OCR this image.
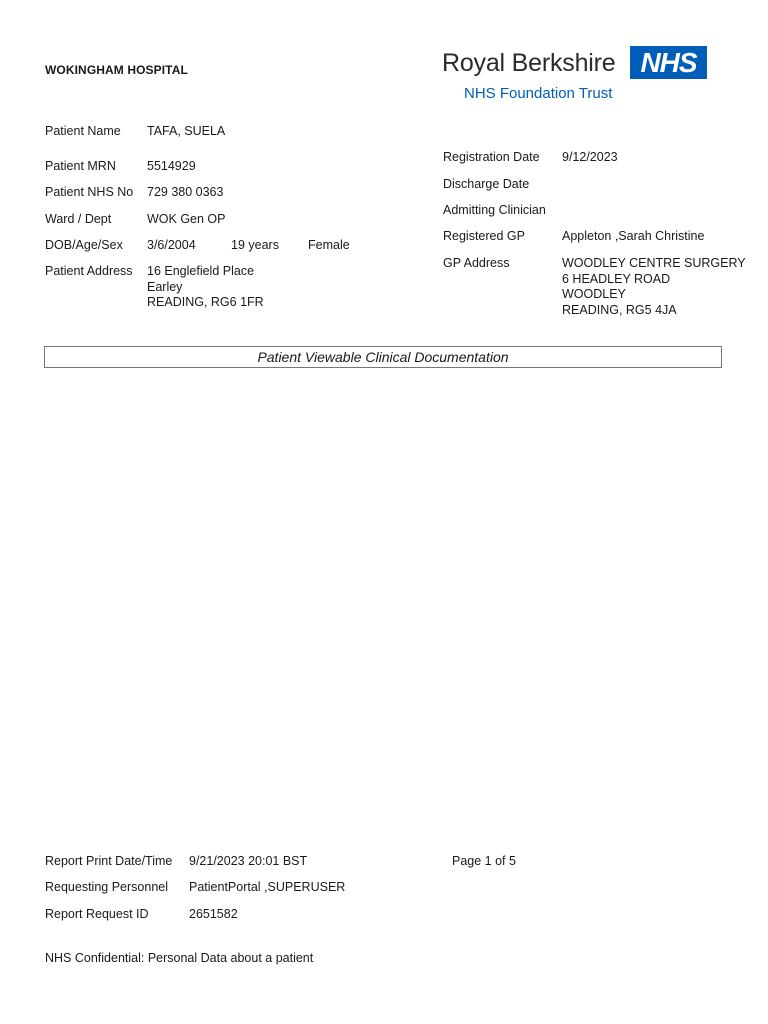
WOKINGHAM HOSPITAL	Royal Berkshire NHS
NHS Foundation Trust
Patient Name TAFA, SUELA
Patient MRN 5514929
Patient NHS No 729 380 0363
Ward / Dept	WOK Gen OP
DOB/Age/Sex 3/6/2004	19 years Female
Patient Address 16 Englefield Place
Earley
READING, RG6 1FR
Registration Date 9/12/2023
Discharge Date
Admitting Clinician
Registered GP	Appleton ,Sarah Christine
GP Address	WOODLEY CENTRE SURGERY
6 HEADLEY ROAD
WOODLEY
READING, RG5 4JA
Patient Viewable Clinical Documentation
Report Print Date/Time 9/21/2023 20:01 BST	Page 1 of 5
Requesting Personnel PatientPortal ,SUPERUSER
Report Request ID	2651582
NHS Confidential: Personal Data about a patient
